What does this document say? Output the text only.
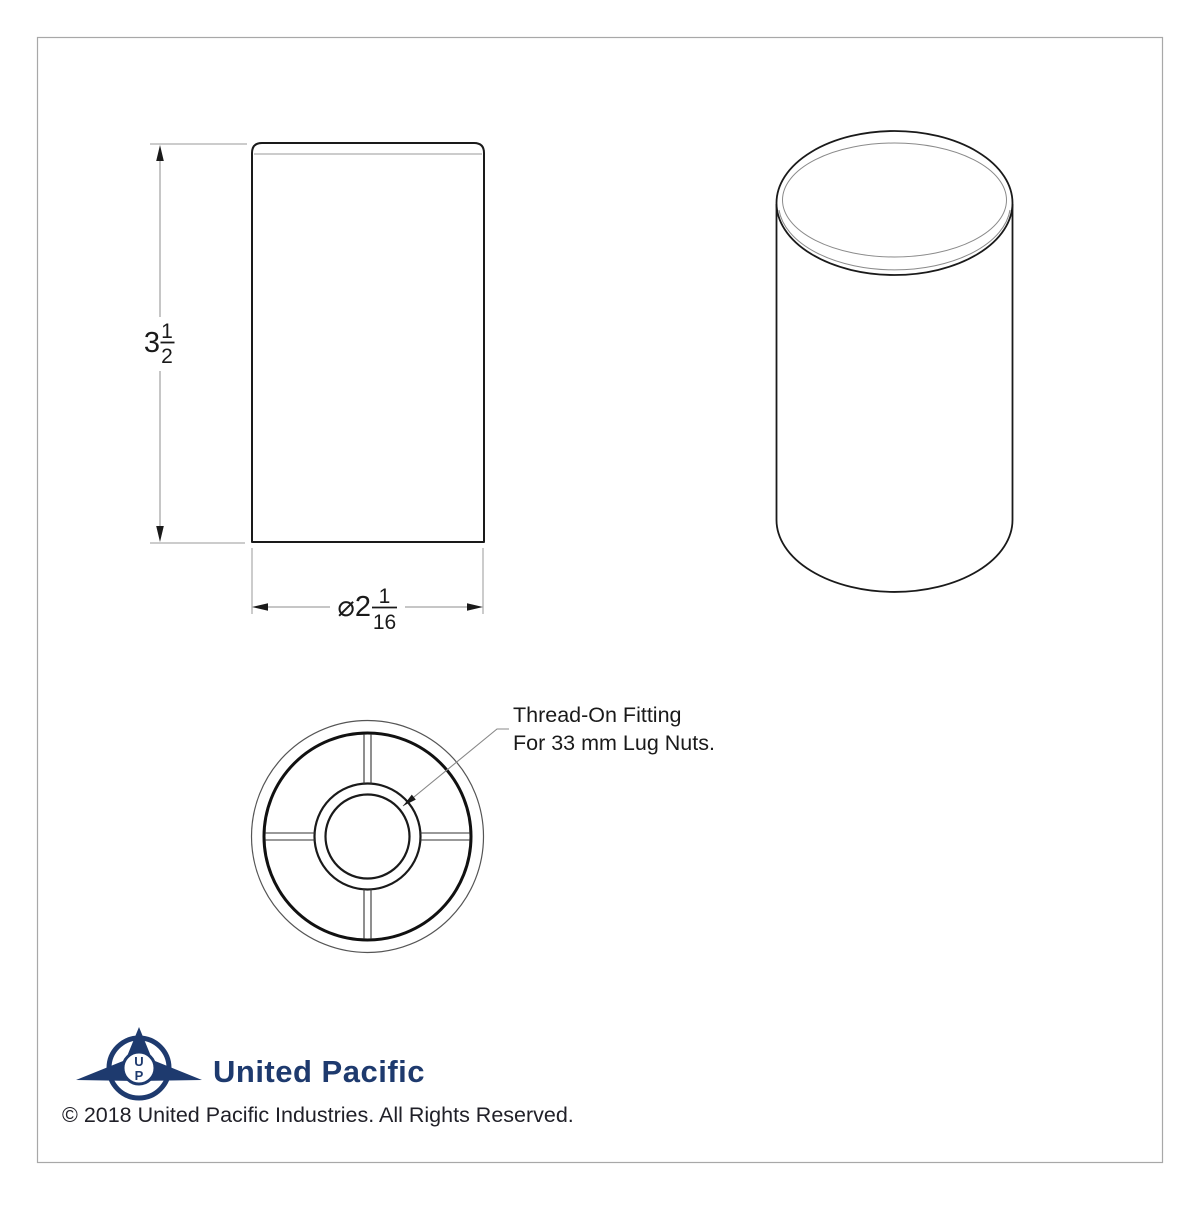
3 1
2
⌀2 1
16
Thread-On Fitting
For 33 mm Lug Nuts.
U
P United Pacific
© 2018 United Pacific Industries. All Rights Reserved.
